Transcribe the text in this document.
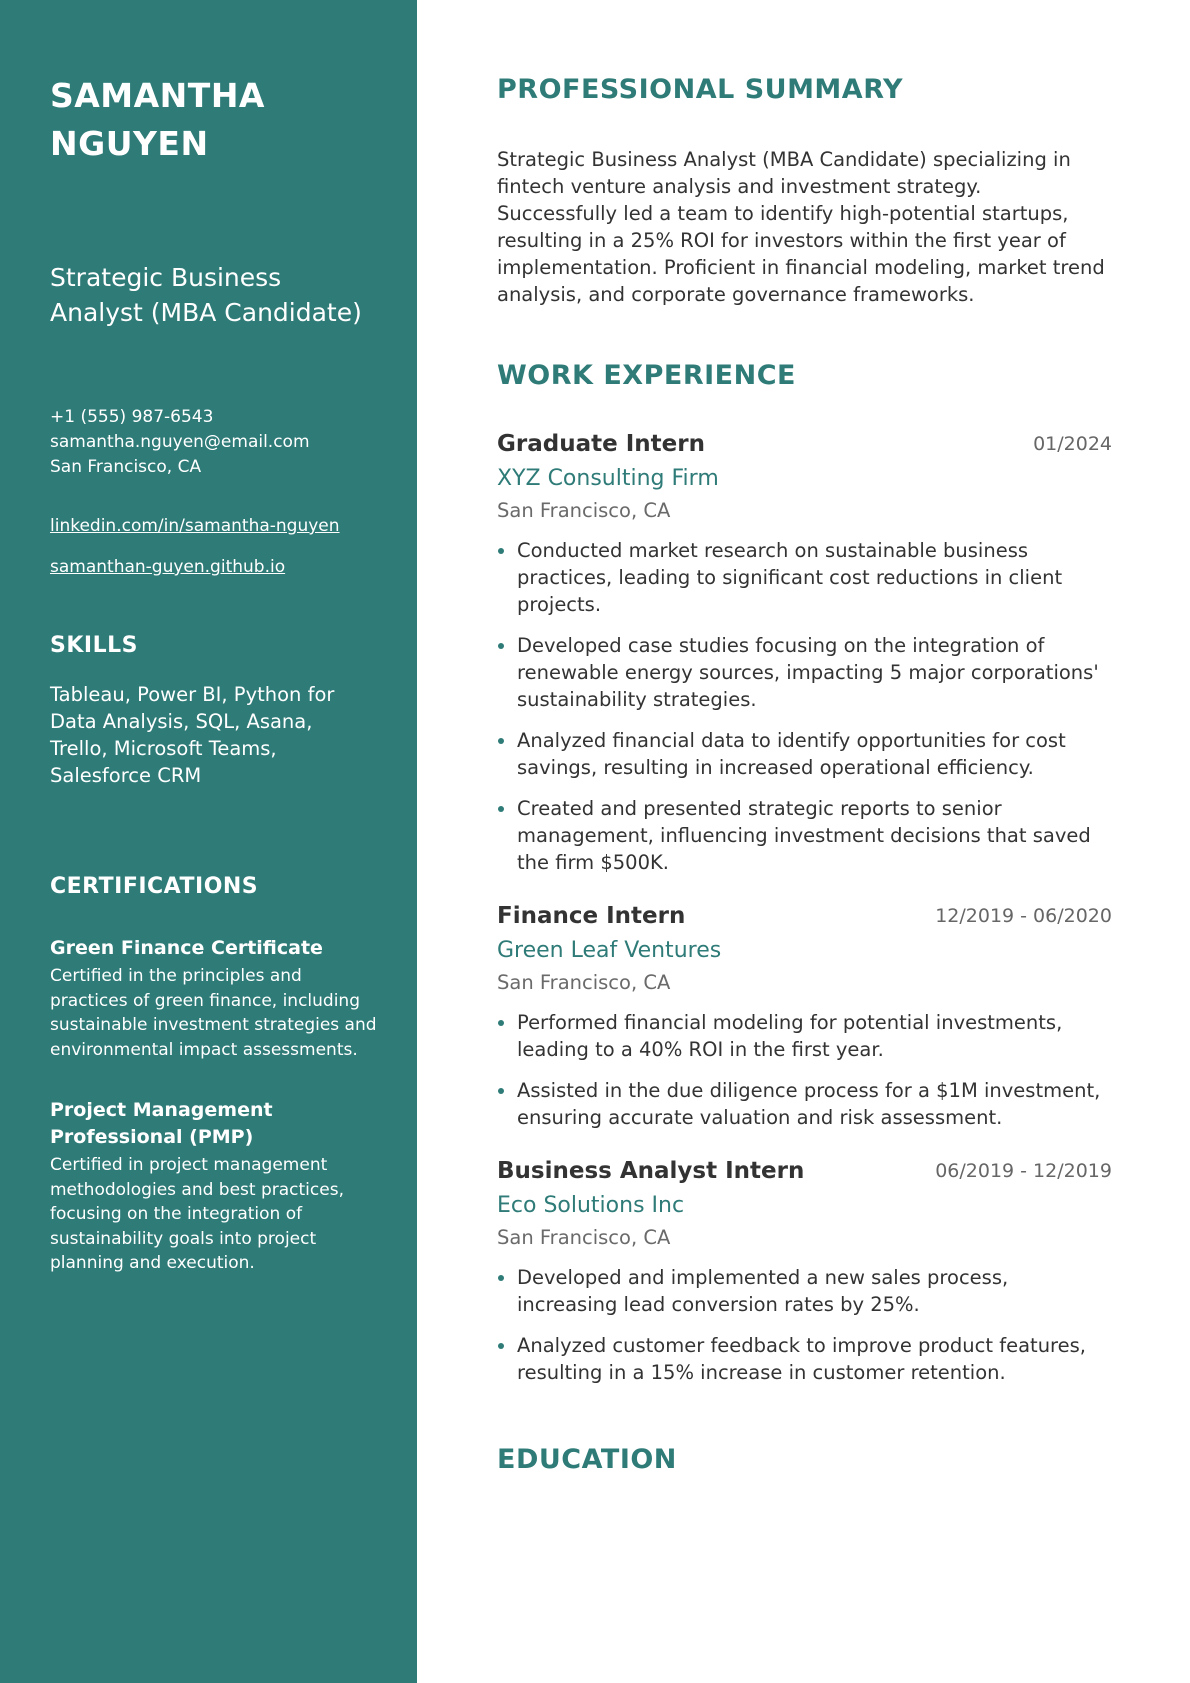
SAMANTHA
NGUYEN
Strategic Business Analyst (MBA Candidate)
+1 (555) 987-6543
samantha.nguyen@email.com
San Francisco, CA
linkedin.com/in/samantha-nguyen
samanthan-guyen.github.io
SKILLS

Tableau, Power BI, Python for Data Analysis, SQL, Asana, Trello, Microsoft Teams, Salesforce CRM

CERTIFICATIONS
Green Finance Certificate
Certified in the principles and practices of green finance, including sustainable investment strategies and environmental impact assessments.
Project Management Professional (PMP)
Certified in project management methodologies and best practices, focusing on the integration of sustainability goals into project planning and execution.
PROFESSIONAL SUMMARY

Strategic Business Analyst (MBA Candidate) specializing in fintech venture analysis and investment strategy. Successfully led a team to identify high-potential startups, resulting in a 25% ROI for investors within the first year of implementation. Proficient in financial modeling, market trend analysis, and corporate governance frameworks.

WORK EXPERIENCE
Graduate Intern	01/2024
XYZ Consulting Firm
San Francisco, CA
Conducted market research on sustainable business practices, leading to significant cost reductions in client projects.
Developed case studies focusing on the integration of renewable energy sources, impacting 5 major corporations' sustainability strategies.
Analyzed financial data to identify opportunities for cost savings, resulting in increased operational efficiency.
Created and presented strategic reports to senior management, influencing investment decisions that saved the firm $500K.
Finance Intern	12/2019 - 06/2020
Green Leaf Ventures
San Francisco, CA
Performed financial modeling for potential investments, leading to a 40% ROI in the first year.
Assisted in the due diligence process for a $1M investment, ensuring accurate valuation and risk assessment.
Business Analyst Intern	06/2019 - 12/2019
Eco Solutions Inc
San Francisco, CA
Developed and implemented a new sales process, increasing lead conversion rates by 25%.
Analyzed customer feedback to improve product features, resulting in a 15% increase in customer retention.
EDUCATION
